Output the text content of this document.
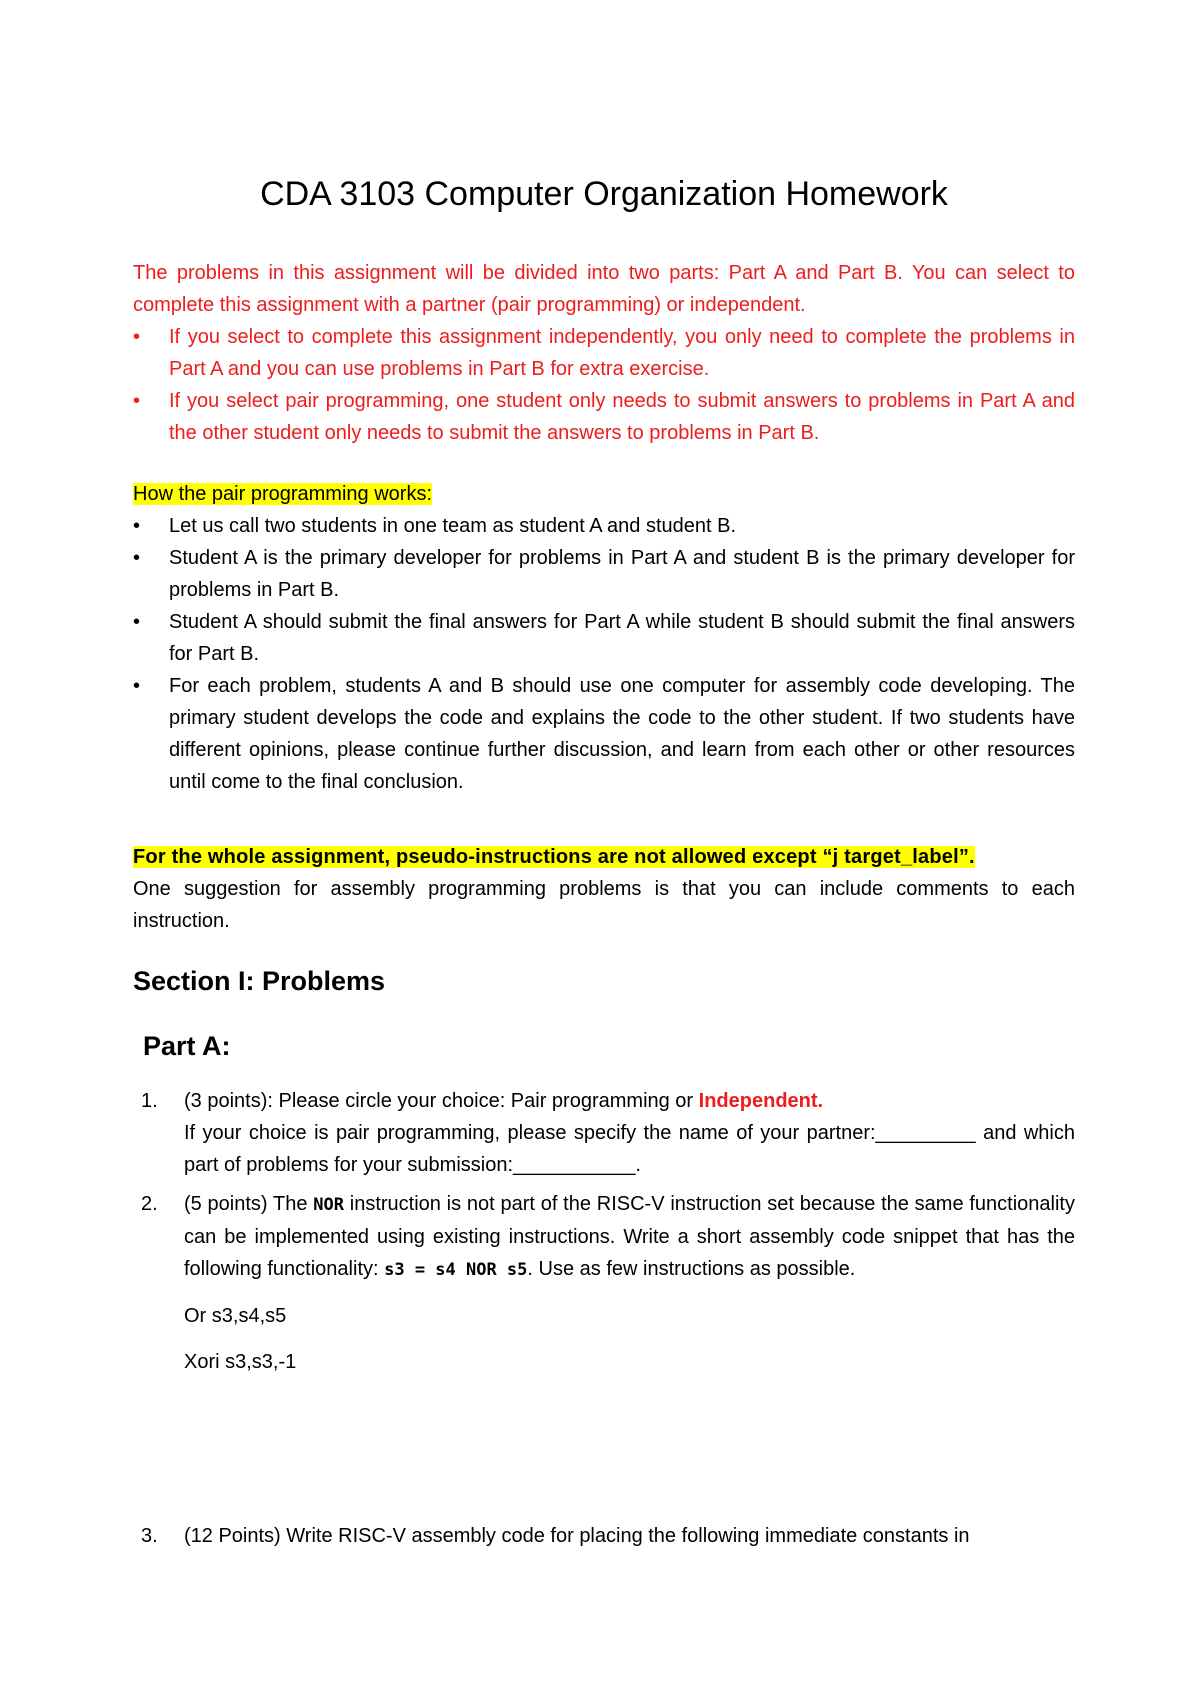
CDA 3103 Computer Organization Homework
The problems in this assignment will be divided into two parts: Part A and Part B. You can select to complete this assignment with a partner (pair programming) or independent.
• If you select to complete this assignment independently, you only need to complete the problems in Part A and you can use problems in Part B for extra exercise.
• If you select pair programming, one student only needs to submit answers to problems in Part A and the other student only needs to submit the answers to problems in Part B.
How the pair programming works:
• Let us call two students in one team as student A and student B.
• Student A is the primary developer for problems in Part A and student B is the primary developer for problems in Part B.
• Student A should submit the final answers for Part A while student B should submit the final answers for Part B.
• For each problem, students A and B should use one computer for assembly code developing. The primary student develops the code and explains the code to the other student. If two students have different opinions, please continue further discussion, and learn from each other or other resources until come to the final conclusion.
For the whole assignment, pseudo-instructions are not allowed except “j target_label”.
One suggestion for assembly programming problems is that you can include comments to each instruction.
Section I: Problems
Part A:
1. (3 points): Please circle your choice: Pair programming or Independent.
If your choice is pair programming, please specify the name of your partner:_________ and which part of problems for your submission:___________.
2. (5 points) The NOR instruction is not part of the RISC-V instruction set because the same functionality can be implemented using existing instructions. Write a short assembly code snippet that has the following functionality: s3 = s4 NOR s5. Use as few instructions as possible.
Or s3,s4,s5
Xori s3,s3,-1
3. (12 Points) Write RISC-V assembly code for placing the following immediate constants in
